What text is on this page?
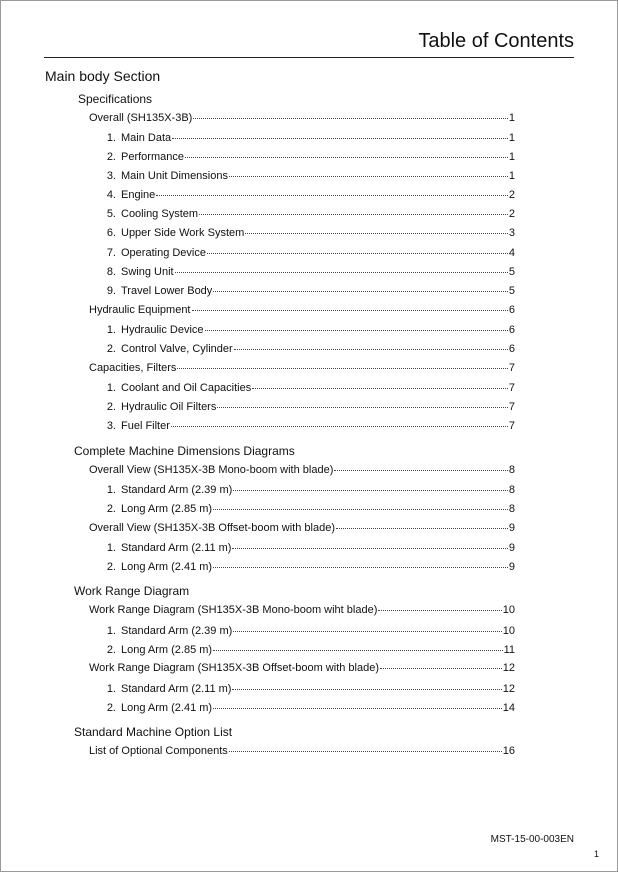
Table of Contents
Main body Section
Specifications
Overall (SH135X-3B)	1
1. Main Data	1
2. Performance	1
3. Main Unit Dimensions	1
4. Engine	2
5. Cooling System	2
6. Upper Side Work System	3
7. Operating Device	4
8. Swing Unit	5
9. Travel Lower Body	5
Hydraulic Equipment	6
1. Hydraulic Device	6
2. Control Valve, Cylinder	6
Capacities, Filters	7
1. Coolant and Oil Capacities	7
2. Hydraulic Oil Filters	7
3. Fuel Filter	7
Complete Machine Dimensions Diagrams
Overall View (SH135X-3B Mono-boom with blade)	8
1. Standard Arm (2.39 m)	8
2. Long Arm (2.85 m)	8
Overall View (SH135X-3B Offset-boom with blade)	9
1. Standard Arm (2.11 m)	9
2. Long Arm (2.41 m)	9
Work Range Diagram
Work Range Diagram (SH135X-3B Mono-boom wiht blade)	10
1. Standard Arm (2.39 m)	10
2. Long Arm (2.85 m)	11
Work Range Diagram (SH135X-3B Offset-boom with blade)	12
1. Standard Arm (2.11 m)	12
2. Long Arm (2.41 m)	14
Standard Machine Option List
List of Optional Components	16
MST-15-00-003EN
1
